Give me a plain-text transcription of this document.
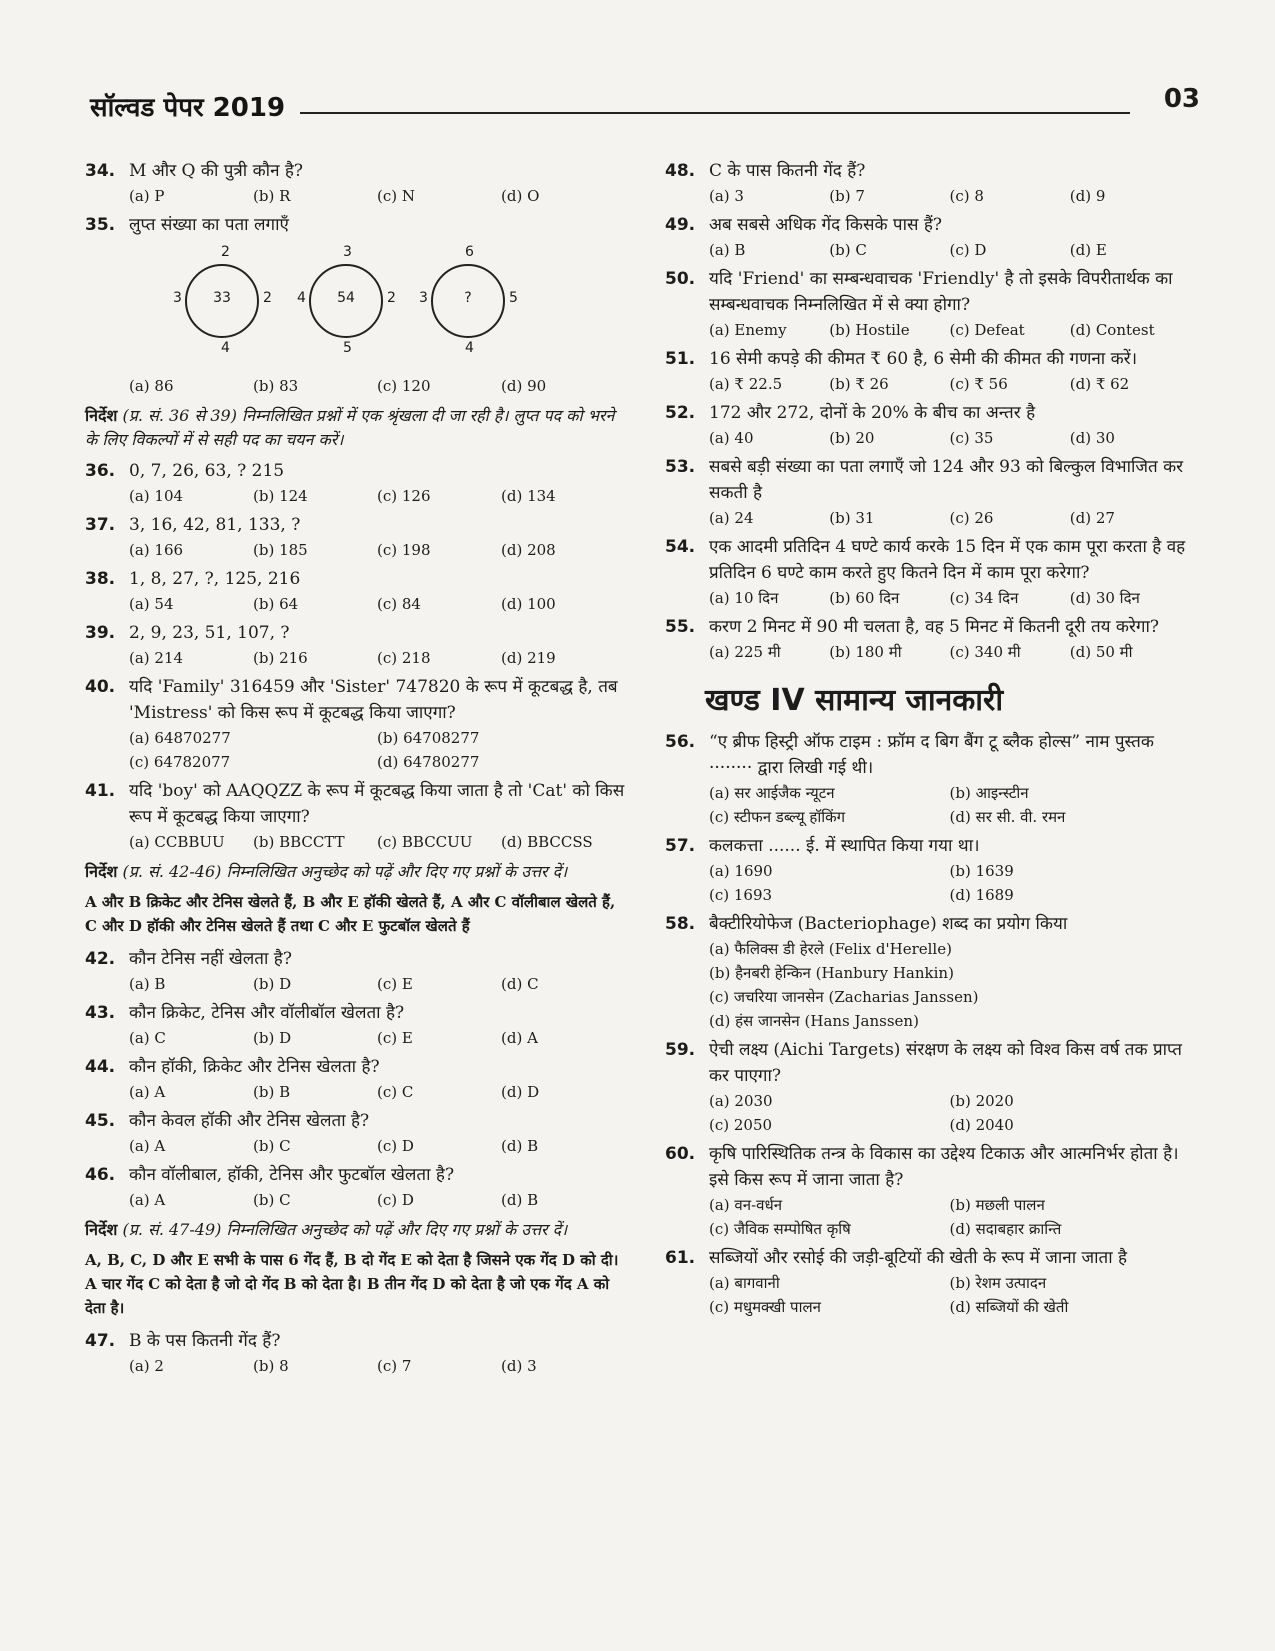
सॉल्वड पेपर 2019	03
34. M और Q की पुत्री कौन है?
(a) P	(b) R	(c) N	(d) O
35. लुप्त संख्या का पता लगाएँ
2
3	33	2
4
3
4	54	2
5
6
3	?	5
4
(a) 86	(b) 83	(c) 120	(d) 90
निर्देश (प्र. सं. 36 से 39) निम्नलिखित प्रश्नों में एक श्रृंखला दी जा रही है। लुप्त पद को भरने के लिए विकल्पों में से सही पद का चयन करें।
36. 0, 7, 26, 63, ? 215
(a) 104	(b) 124	(c) 126	(d) 134
37. 3, 16, 42, 81, 133, ?
(a) 166	(b) 185	(c) 198	(d) 208
38. 1, 8, 27, ?, 125, 216
(a) 54	(b) 64	(c) 84	(d) 100
39. 2, 9, 23, 51, 107, ?
(a) 214	(b) 216	(c) 218	(d) 219
40. यदि 'Family' 316459 और 'Sister' 747820 के रूप में कूटबद्ध है, तब 'Mistress' को किस रूप में कूटबद्ध किया जाएगा?
(a) 64870277	(b) 64708277
(c) 64782077	(d) 64780277
41. यदि 'boy' को AAQQZZ के रूप में कूटबद्ध किया जाता है तो 'Cat' को किस रूप में कूटबद्ध किया जाएगा?
(a) CCBBUU	(b) BBCCTT	(c) BBCCUU	(d) BBCCSS
निर्देश (प्र. सं. 42-46) निम्नलिखित अनुच्छेद को पढ़ें और दिए गए प्रश्नों के उत्तर दें।
A और B क्रिकेट और टेनिस खेलते हैं, B और E हॉकी खेलते हैं, A और C वॉलीबाल खेलते हैं, C और D हॉकी और टेनिस खेलते हैं तथा C और E फुटबॉल खेलते हैं
42. कौन टेनिस नहीं खेलता है?
(a) B	(b) D	(c) E	(d) C
43. कौन क्रिकेट, टेनिस और वॉलीबॉल खेलता है?
(a) C	(b) D	(c) E	(d) A
44. कौन हॉकी, क्रिकेट और टेनिस खेलता है?
(a) A	(b) B	(c) C	(d) D
45. कौन केवल हॉकी और टेनिस खेलता है?
(a) A	(b) C	(c) D	(d) B
46. कौन वॉलीबाल, हॉकी, टेनिस और फुटबॉल खेलता है?
(a) A	(b) C	(c) D	(d) B
निर्देश (प्र. सं. 47-49) निम्नलिखित अनुच्छेद को पढ़ें और दिए गए प्रश्नों के उत्तर दें।
A, B, C, D और E सभी के पास 6 गेंद हैं, B दो गेंद E को देता है जिसने एक गेंद D को दी। A चार गेंद C को देता है जो दो गेंद B को देता है। B तीन गेंद D को देता है जो एक गेंद A को देता है।
47. B के पस कितनी गेंद हैं?
(a) 2	(b) 8	(c) 7	(d) 3
48. C के पास कितनी गेंद हैं?
(a) 3	(b) 7	(c) 8	(d) 9
49. अब सबसे अधिक गेंद किसके पास हैं?
(a) B	(b) C	(c) D	(d) E
50. यदि 'Friend' का सम्बन्धवाचक 'Friendly' है तो इसके विपरीतार्थक का सम्बन्धवाचक निम्नलिखित में से क्या होगा?
(a) Enemy	(b) Hostile	(c) Defeat	(d) Contest
51. 16 सेमी कपड़े की कीमत ₹ 60 है, 6 सेमी की कीमत की गणना करें।
(a) ₹ 22.5	(b) ₹ 26	(c) ₹ 56	(d) ₹ 62
52. 172 और 272, दोनों के 20% के बीच का अन्तर है
(a) 40	(b) 20	(c) 35	(d) 30
53. सबसे बड़ी संख्या का पता लगाएँ जो 124 और 93 को बिल्कुल विभाजित कर सकती है
(a) 24	(b) 31	(c) 26	(d) 27
54. एक आदमी प्रतिदिन 4 घण्टे कार्य करके 15 दिन में एक काम पूरा करता है वह प्रतिदिन 6 घण्टे काम करते हुए कितने दिन में काम पूरा करेगा?
(a) 10 दिन	(b) 60 दिन	(c) 34 दिन	(d) 30 दिन
55. करण 2 मिनट में 90 मी चलता है, वह 5 मिनट में कितनी दूरी तय करेगा?
(a) 225 मी	(b) 180 मी	(c) 340 मी	(d) 50 मी
खण्ड IV सामान्य जानकारी
56. “ए ब्रीफ हिस्ट्री ऑफ टाइम : फ्रॉम द बिग बैंग टू ब्लैक होल्स” नाम पुस्तक ········ द्वारा लिखी गई थी।
(a) सर आईजैक न्यूटन	(b) आइन्स्टीन
(c) स्टीफन डब्ल्यू हॉकिंग	(d) सर सी. वी. रमन
57. कलकत्ता ...... ई. में स्थापित किया गया था।
(a) 1690	(b) 1639
(c) 1693	(d) 1689
58. बैक्टीरियोफेज (Bacteriophage) शब्द का प्रयोग किया
(a) फैलिक्स डी हेरले (Felix d'Herelle)
(b) हैनबरी हेन्किन (Hanbury Hankin)
(c) जचरिया जानसेन (Zacharias Janssen)
(d) हंस जानसेन (Hans Janssen)
59. ऐची लक्ष्य (Aichi Targets) संरक्षण के लक्ष्य को विश्व किस वर्ष तक प्राप्त कर पाएगा?
(a) 2030	(b) 2020
(c) 2050	(d) 2040
60. कृषि पारिस्थितिक तन्त्र के विकास का उद्देश्य टिकाऊ और आत्मनिर्भर होता है। इसे किस रूप में जाना जाता है?
(a) वन-वर्धन	(b) मछली पालन
(c) जैविक सम्पोषित कृषि	(d) सदाबहार क्रान्ति
61. सब्जियों और रसोई की जड़ी-बूटियों की खेती के रूप में जाना जाता है
(a) बागवानी	(b) रेशम उत्पादन
(c) मधुमक्खी पालन	(d) सब्जियों की खेती
